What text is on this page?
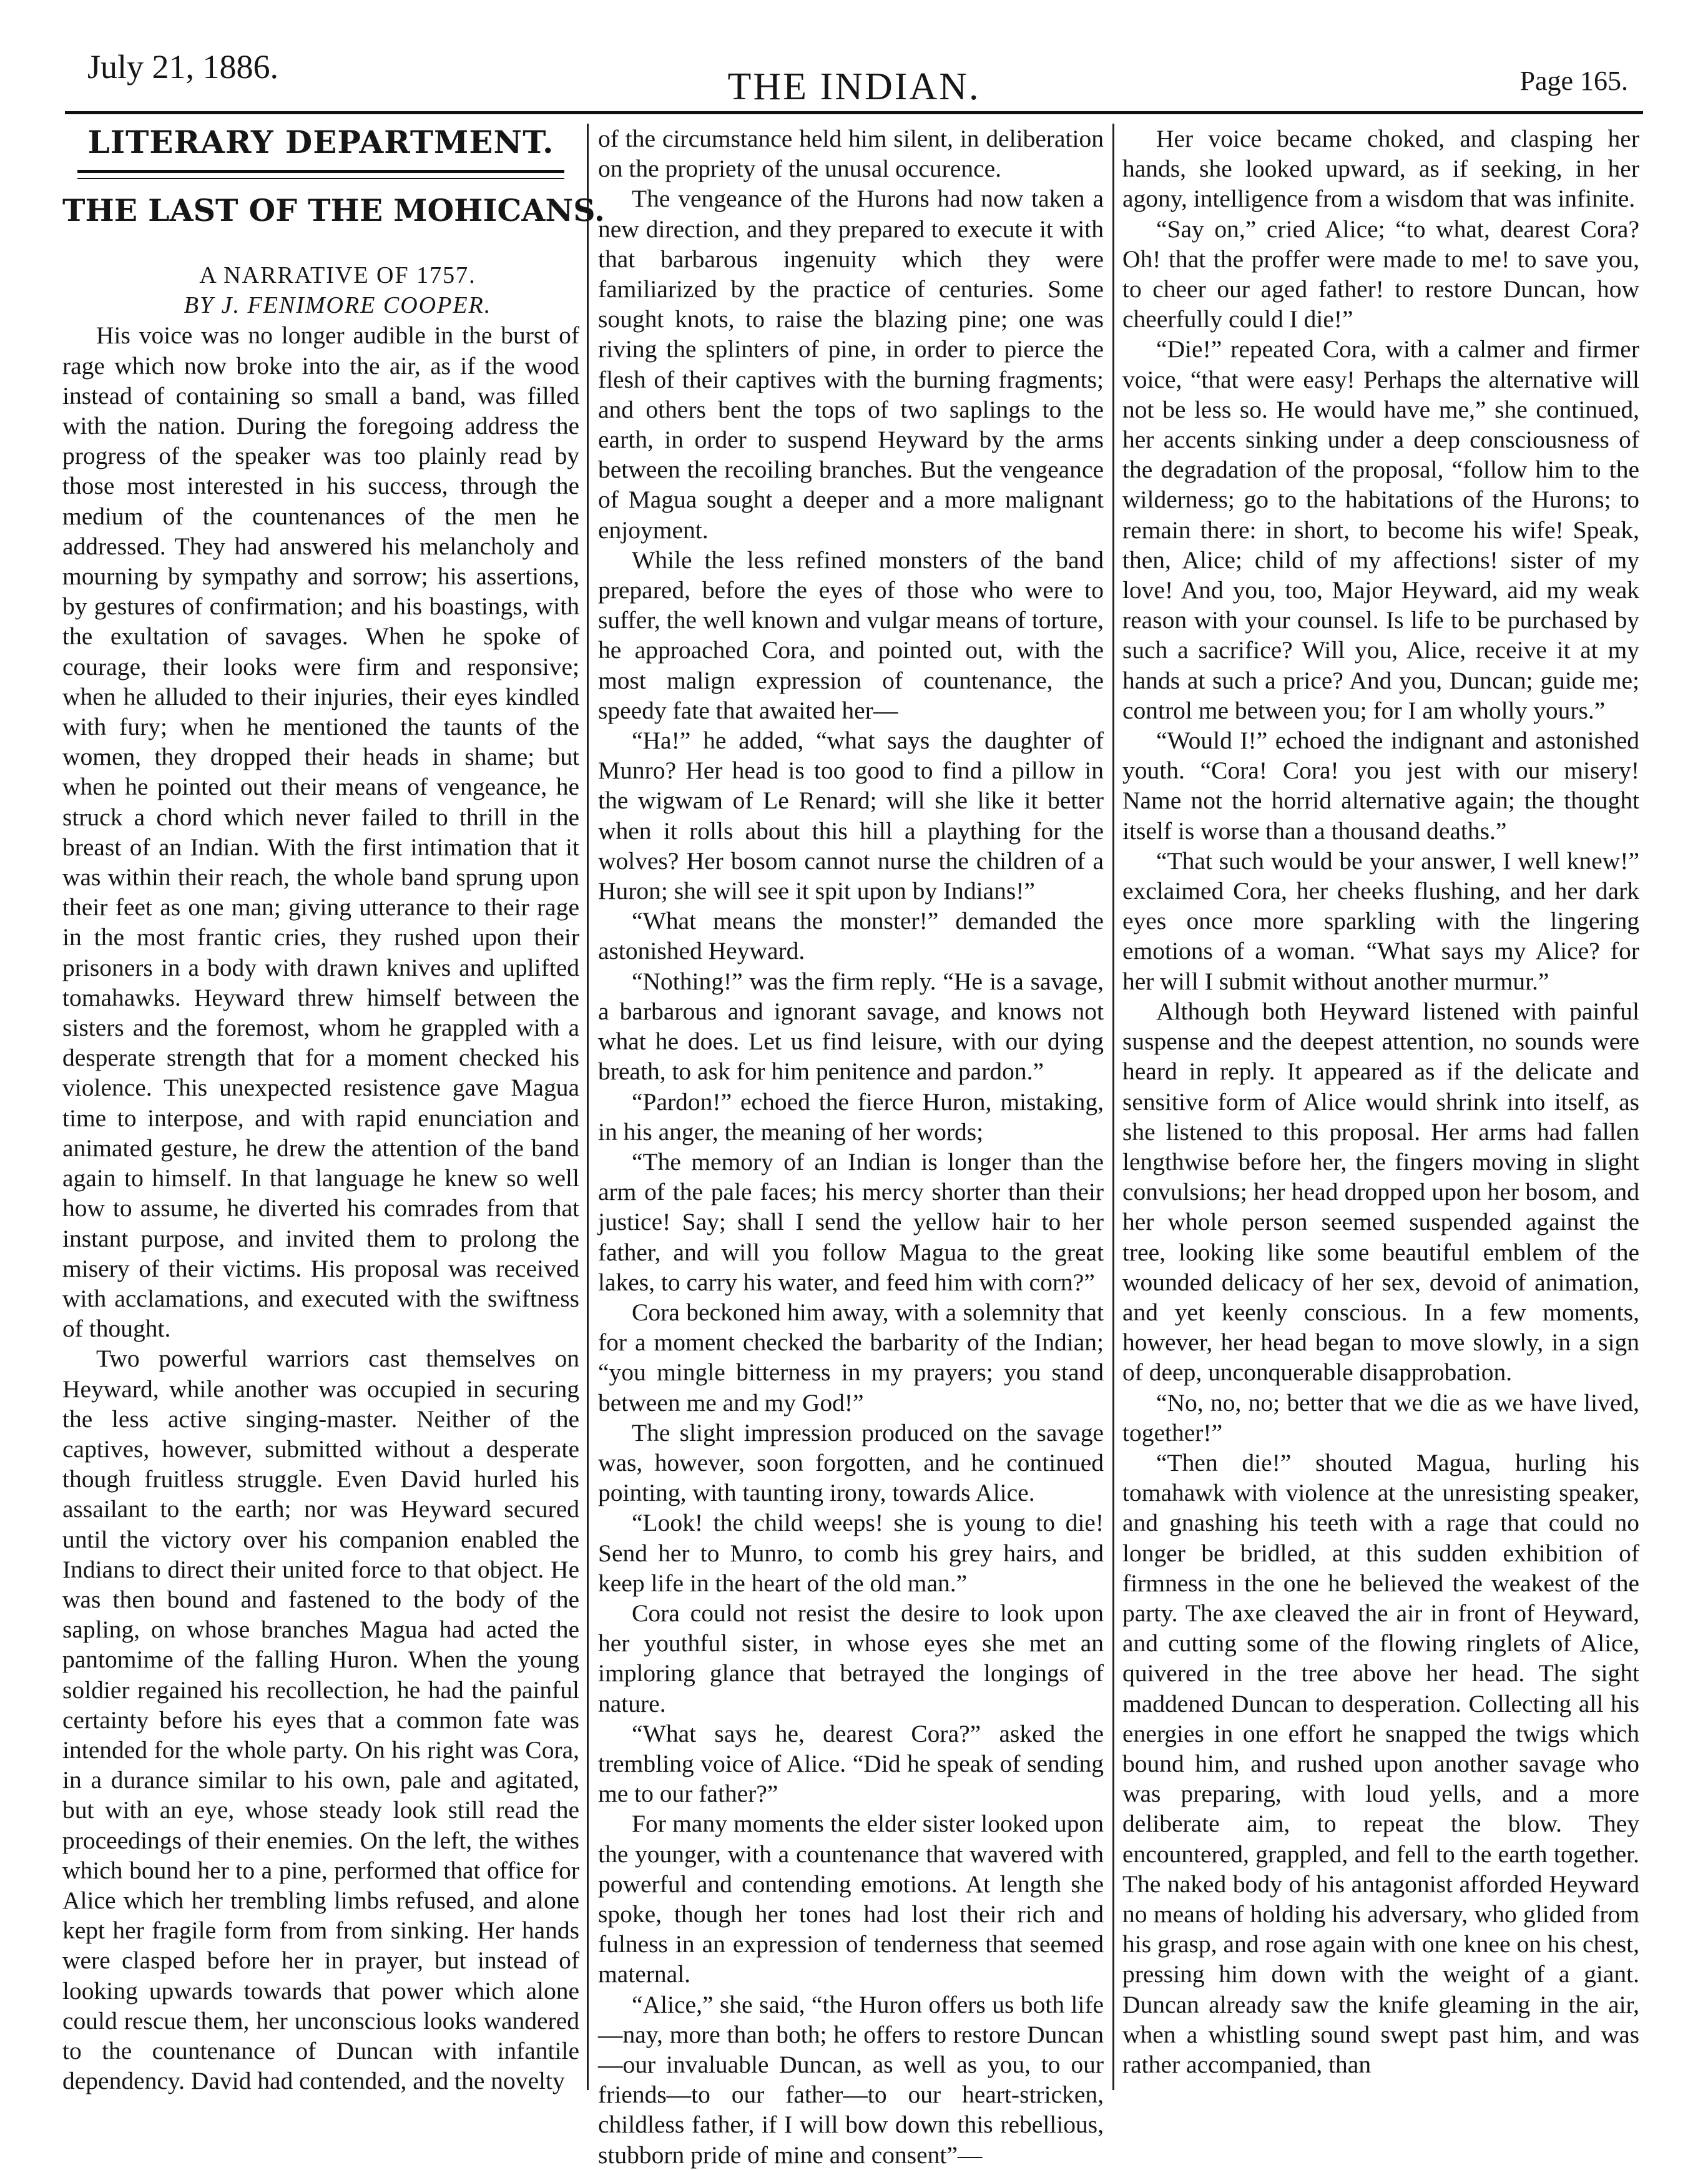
July 21, 1886.	THE INDIAN.	Page 165.
LITERARY DEPARTMENT.
THE LAST OF THE MOHICANS.

A NARRATIVE OF 1757.

BY J. FENIMORE COOPER.

His voice was no longer audible in the burst of rage which now broke into the air, as if the wood instead of containing so small a band, was filled with the nation. During the foregoing address the progress of the speaker was too plainly read by those most interested in his success, through the medium of the countenances of the men he addressed. They had answered his melancholy and mourning by sympathy and sorrow; his assertions, by gestures of confirmation; and his boastings, with the exultation of savages. When he spoke of courage, their looks were firm and responsive; when he alluded to their injuries, their eyes kindled with fury; when he mentioned the taunts of the women, they dropped their heads in shame; but when he pointed out their means of vengeance, he struck a chord which never failed to thrill in the breast of an Indian. With the first intimation that it was within their reach, the whole band sprung upon their feet as one man; giving utterance to their rage in the most frantic cries, they rushed upon their prisoners in a body with drawn knives and uplifted tomahawks. Heyward threw himself between the sisters and the foremost, whom he grappled with a desperate strength that for a moment checked his violence. This unexpected resistence gave Magua time to interpose, and with rapid enunciation and animated gesture, he drew the attention of the band again to himself. In that language he knew so well how to assume, he diverted his comrades from that instant purpose, and invited them to prolong the misery of their victims. His proposal was received with acclamations, and executed with the swiftness of thought.

Two powerful warriors cast themselves on Heyward, while another was occupied in securing the less active singing-master. Neither of the captives, however, submitted without a desperate though fruitless struggle. Even David hurled his assailant to the earth; nor was Heyward secured until the victory over his companion enabled the Indians to direct their united force to that object. He was then bound and fastened to the body of the sapling, on whose branches Magua had acted the pantomime of the falling Huron. When the young soldier regained his recollection, he had the painful certainty before his eyes that a common fate was intended for the whole party. On his right was Cora, in a durance similar to his own, pale and agitated, but with an eye, whose steady look still read the proceedings of their enemies. On the left, the withes which bound her to a pine, performed that office for Alice which her trembling limbs refused, and alone kept her fragile form from from sinking. Her hands were clasped before her in prayer, but instead of looking upwards towards that power which alone could rescue them, her unconscious looks wandered to the countenance of Duncan with infantile dependency. David had contended, and the novelty

of the circumstance held him silent, in deliberation on the propriety of the unusal occurence.

The vengeance of the Hurons had now taken a new direction, and they prepared to execute it with that barbarous ingenuity which they were familiarized by the practice of centuries. Some sought knots, to raise the blazing pine; one was riving the splinters of pine, in order to pierce the flesh of their captives with the burning fragments; and others bent the tops of two saplings to the earth, in order to suspend Heyward by the arms between the recoiling branches. But the vengeance of Magua sought a deeper and a more malignant enjoyment.

While the less refined monsters of the band prepared, before the eyes of those who were to suffer, the well known and vulgar means of torture, he approached Cora, and pointed out, with the most malign expression of countenance, the speedy fate that awaited her—

“Ha!” he added, “what says the daughter of Munro? Her head is too good to find a pillow in the wigwam of Le Renard; will she like it better when it rolls about this hill a plaything for the wolves? Her bosom cannot nurse the children of a Huron; she will see it spit upon by Indians!”

“What means the monster!” demanded the astonished Heyward.

“Nothing!” was the firm reply. “He is a savage, a barbarous and ignorant savage, and knows not what he does. Let us find leisure, with our dying breath, to ask for him penitence and pardon.”

“Pardon!” echoed the fierce Huron, mistaking, in his anger, the meaning of her words;

“The memory of an Indian is longer than the arm of the pale faces; his mercy shorter than their justice! Say; shall I send the yellow hair to her father, and will you follow Magua to the great lakes, to carry his water, and feed him with corn?”

Cora beckoned him away, with a solemnity that for a moment checked the barbarity of the Indian; “you mingle bitterness in my prayers; you stand between me and my God!”

The slight impression produced on the savage was, however, soon forgotten, and he continued pointing, with taunting irony, towards Alice.

“Look! the child weeps! she is young to die! Send her to Munro, to comb his grey hairs, and keep life in the heart of the old man.”

Cora could not resist the desire to look upon her youthful sister, in whose eyes she met an imploring glance that betrayed the longings of nature.

“What says he, dearest Cora?” asked the trembling voice of Alice. “Did he speak of sending me to our father?”

For many moments the elder sister looked upon the younger, with a countenance that wavered with powerful and contending emotions. At length she spoke, though her tones had lost their rich and fulness in an expression of tenderness that seemed maternal.

“Alice,” she said, “the Huron offers us both life—nay, more than both; he offers to restore Duncan—our invaluable Duncan, as well as you, to our friends—to our father—to our heart-stricken, childless father, if I will bow down this rebellious, stubborn pride of mine and consent”—

Her voice became choked, and clasping her hands, she looked upward, as if seeking, in her agony, intelligence from a wisdom that was infinite.

“Say on,” cried Alice; “to what, dearest Cora? Oh! that the proffer were made to me! to save you, to cheer our aged father! to restore Duncan, how cheerfully could I die!”

“Die!” repeated Cora, with a calmer and firmer voice, “that were easy! Perhaps the alternative will not be less so. He would have me,” she continued, her accents sinking under a deep consciousness of the degradation of the proposal, “follow him to the wilderness; go to the habitations of the Hurons; to remain there: in short, to become his wife! Speak, then, Alice; child of my affections! sister of my love! And you, too, Major Heyward, aid my weak reason with your counsel. Is life to be purchased by such a sacrifice? Will you, Alice, receive it at my hands at such a price? And you, Duncan; guide me; control me between you; for I am wholly yours.”

“Would I!” echoed the indignant and astonished youth. “Cora! Cora! you jest with our misery! Name not the horrid alternative again; the thought itself is worse than a thousand deaths.”

“That such would be your answer, I well knew!” exclaimed Cora, her cheeks flushing, and her dark eyes once more sparkling with the lingering emotions of a woman. “What says my Alice? for her will I submit without another murmur.”

Although both Heyward listened with painful suspense and the deepest attention, no sounds were heard in reply. It appeared as if the delicate and sensitive form of Alice would shrink into itself, as she listened to this proposal. Her arms had fallen lengthwise before her, the fingers moving in slight convulsions; her head dropped upon her bosom, and her whole person seemed suspended against the tree, looking like some beautiful emblem of the wounded delicacy of her sex, devoid of animation, and yet keenly conscious. In a few moments, however, her head began to move slowly, in a sign of deep, unconquerable disapprobation.

“No, no, no; better that we die as we have lived, together!”

“Then die!” shouted Magua, hurling his tomahawk with violence at the unresisting speaker, and gnashing his teeth with a rage that could no longer be bridled, at this sudden exhibition of firmness in the one he believed the weakest of the party. The axe cleaved the air in front of Heyward, and cutting some of the flowing ringlets of Alice, quivered in the tree above her head. The sight maddened Duncan to desperation. Collecting all his energies in one effort he snapped the twigs which bound him, and rushed upon another savage who was preparing, with loud yells, and a more deliberate aim, to repeat the blow. They encountered, grappled, and fell to the earth together. The naked body of his antagonist afforded Heyward no means of holding his adversary, who glided from his grasp, and rose again with one knee on his chest, pressing him down with the weight of a giant. Duncan already saw the knife gleaming in the air, when a whistling sound swept past him, and was rather accompanied, than
